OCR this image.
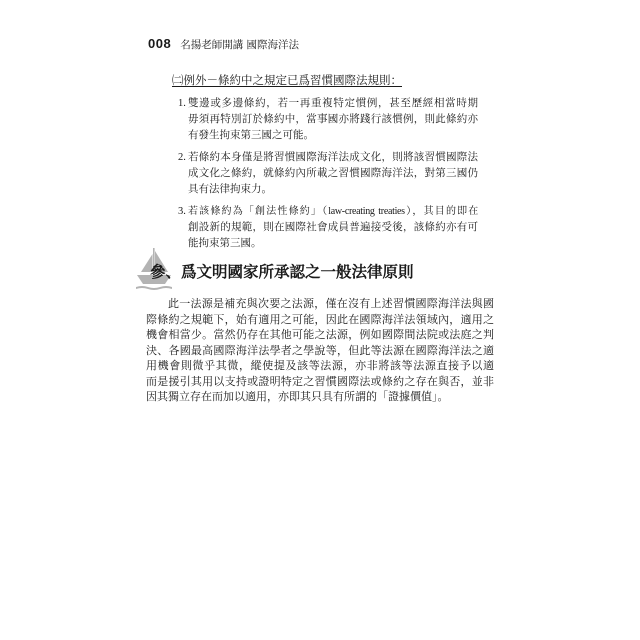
008 名揚老師開講 國際海洋法
㈡例外－條約中之規定已爲習慣國際法規則：
1. 雙邊或多邊條約，若一再重複特定慣例，甚至歷經相當時期
毋須再特別訂於條約中，當事國亦將踐行該慣例，則此條約亦
有發生拘束第三國之可能。
2. 若條約本身僅是將習慣國際海洋法成文化，則將該習慣國際法
成文化之條約，就條約內所載之習慣國際海洋法，對第三國仍
具有法律拘束力。
3. 若該條約為「創法性條約」（law-creating treaties），其目的即在
創設新的規範，則在國際社會成員普遍接受後，該條約亦有可
能拘束第三國。
參、爲文明國家所承認之一般法律原則
此一法源是補充與次要之法源，僅在沒有上述習慣國際海洋法與國
際條約之規範下，始有適用之可能，因此在國際海洋法領域內，適用之
機會相當少。當然仍存在其他可能之法源，例如國際間法院或法庭之判
決、各國最高國際海洋法學者之學說等，但此等法源在國際海洋法之適
用機會則微乎其微，縱使提及該等法源，亦非將該等法源直接予以適
而是援引其用以支持或證明特定之習慣國際法或條約之存在與否，並非
因其獨立存在而加以適用，亦即其只具有所謂的「證據價值」。
